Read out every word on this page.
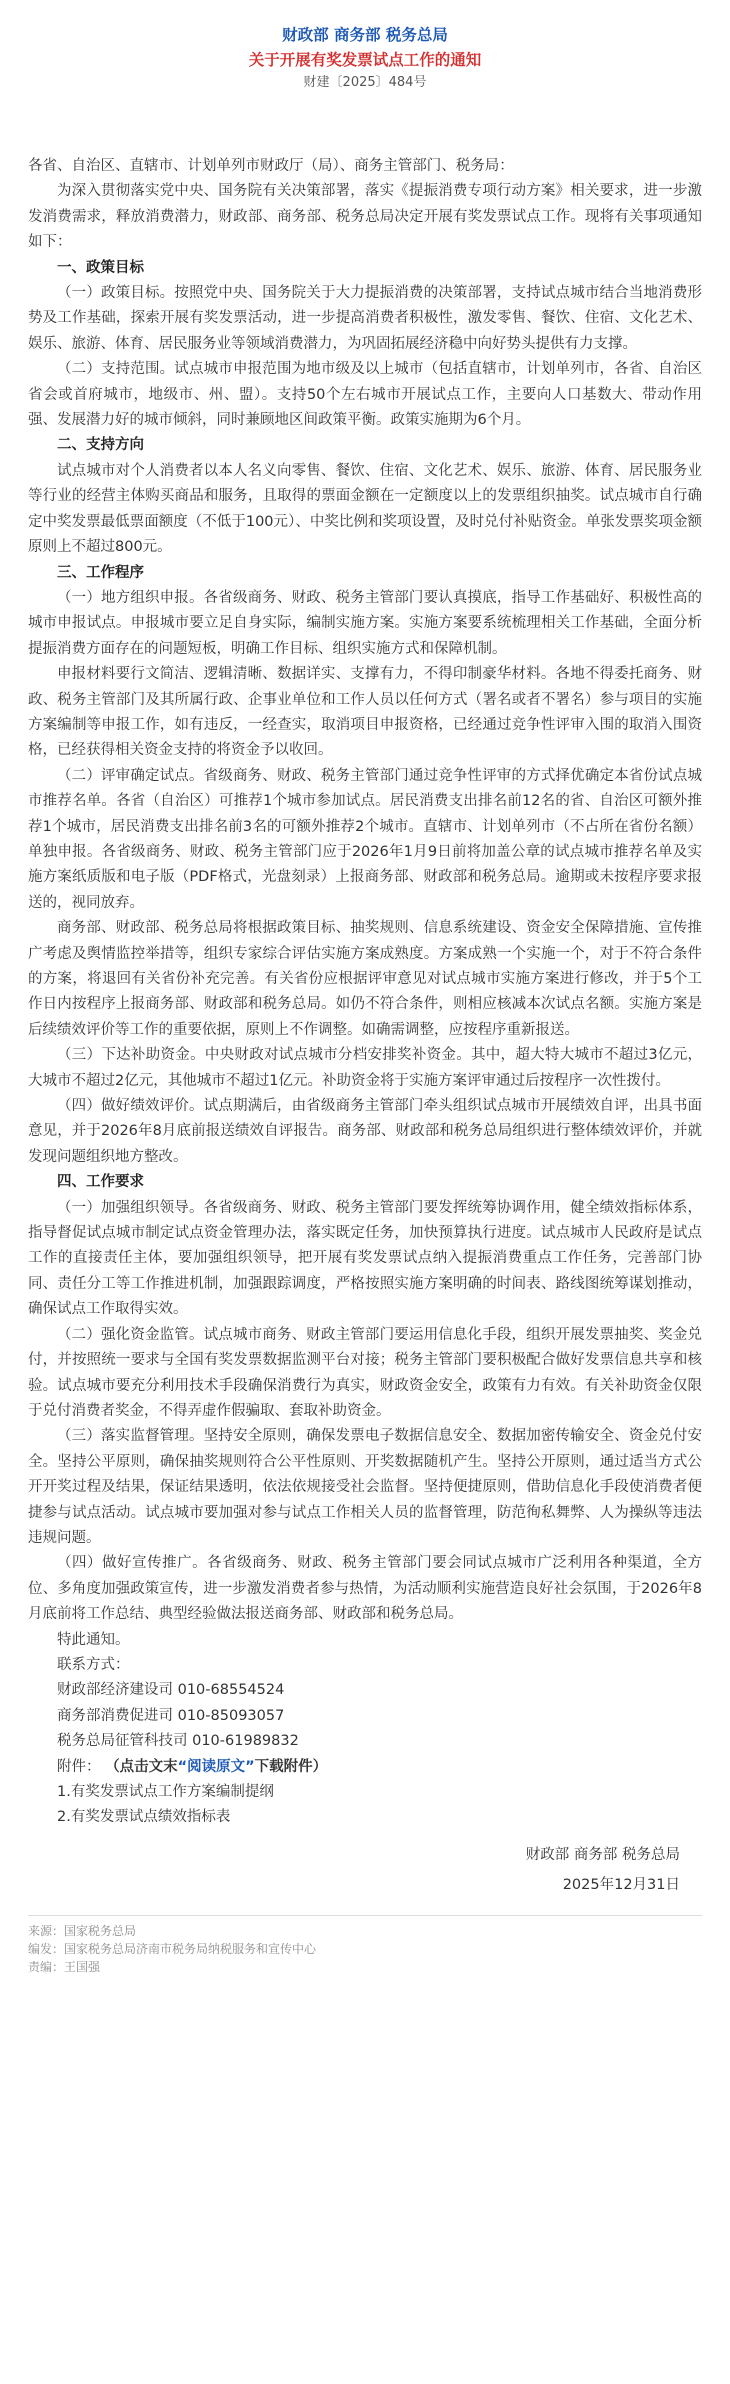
财政部 商务部 税务总局
关于开展有奖发票试点工作的通知
财建〔2025〕484号

各省、自治区、直辖市、计划单列市财政厅（局）、商务主管部门、税务局：

为深入贯彻落实党中央、国务院有关决策部署，落实《提振消费专项行动方案》相关要求，进一步激发消费需求，释放消费潜力，财政部、商务部、税务总局决定开展有奖发票试点工作。现将有关事项通知如下：

一、政策目标

（一）政策目标。按照党中央、国务院关于大力提振消费的决策部署，支持试点城市结合当地消费形势及工作基础，探索开展有奖发票活动，进一步提高消费者积极性，激发零售、餐饮、住宿、文化艺术、娱乐、旅游、体育、居民服务业等领域消费潜力，为巩固拓展经济稳中向好势头提供有力支撑。

（二）支持范围。试点城市申报范围为地市级及以上城市（包括直辖市，计划单列市，各省、自治区省会或首府城市，地级市、州、盟）。支持50个左右城市开展试点工作，主要向人口基数大、带动作用强、发展潜力好的城市倾斜，同时兼顾地区间政策平衡。政策实施期为6个月。

二、支持方向

试点城市对个人消费者以本人名义向零售、餐饮、住宿、文化艺术、娱乐、旅游、体育、居民服务业等行业的经营主体购买商品和服务，且取得的票面金额在一定额度以上的发票组织抽奖。试点城市自行确定中奖发票最低票面额度（不低于100元）、中奖比例和奖项设置，及时兑付补贴资金。单张发票奖项金额原则上不超过800元。

三、工作程序

（一）地方组织申报。各省级商务、财政、税务主管部门要认真摸底，指导工作基础好、积极性高的城市申报试点。申报城市要立足自身实际，编制实施方案。实施方案要系统梳理相关工作基础，全面分析提振消费方面存在的问题短板，明确工作目标、组织实施方式和保障机制。

申报材料要行文简洁、逻辑清晰、数据详实、支撑有力，不得印制豪华材料。各地不得委托商务、财政、税务主管部门及其所属行政、企事业单位和工作人员以任何方式（署名或者不署名）参与项目的实施方案编制等申报工作，如有违反，一经查实，取消项目申报资格，已经通过竞争性评审入围的取消入围资格，已经获得相关资金支持的将资金予以收回。

（二）评审确定试点。省级商务、财政、税务主管部门通过竞争性评审的方式择优确定本省份试点城市推荐名单。各省（自治区）可推荐1个城市参加试点。居民消费支出排名前12名的省、自治区可额外推荐1个城市，居民消费支出排名前3名的可额外推荐2个城市。直辖市、计划单列市（不占所在省份名额）单独申报。各省级商务、财政、税务主管部门应于2026年1月9日前将加盖公章的试点城市推荐名单及实施方案纸质版和电子版（PDF格式，光盘刻录）上报商务部、财政部和税务总局。逾期或未按程序要求报送的，视同放弃。

商务部、财政部、税务总局将根据政策目标、抽奖规则、信息系统建设、资金安全保障措施、宣传推广考虑及舆情监控举措等，组织专家综合评估实施方案成熟度。方案成熟一个实施一个，对于不符合条件的方案，将退回有关省份补充完善。有关省份应根据评审意见对试点城市实施方案进行修改，并于5个工作日内按程序上报商务部、财政部和税务总局。如仍不符合条件，则相应核减本次试点名额。实施方案是后续绩效评价等工作的重要依据，原则上不作调整。如确需调整，应按程序重新报送。

（三）下达补助资金。中央财政对试点城市分档安排奖补资金。其中，超大特大城市不超过3亿元，大城市不超过2亿元，其他城市不超过1亿元。补助资金将于实施方案评审通过后按程序一次性拨付。

（四）做好绩效评价。试点期满后，由省级商务主管部门牵头组织试点城市开展绩效自评，出具书面意见，并于2026年8月底前报送绩效自评报告。商务部、财政部和税务总局组织进行整体绩效评价，并就发现问题组织地方整改。

四、工作要求

（一）加强组织领导。各省级商务、财政、税务主管部门要发挥统筹协调作用，健全绩效指标体系，指导督促试点城市制定试点资金管理办法，落实既定任务，加快预算执行进度。试点城市人民政府是试点工作的直接责任主体，要加强组织领导，把开展有奖发票试点纳入提振消费重点工作任务，完善部门协同、责任分工等工作推进机制，加强跟踪调度，严格按照实施方案明确的时间表、路线图统筹谋划推动，确保试点工作取得实效。

（二）强化资金监管。试点城市商务、财政主管部门要运用信息化手段，组织开展发票抽奖、奖金兑付，并按照统一要求与全国有奖发票数据监测平台对接；税务主管部门要积极配合做好发票信息共享和核验。试点城市要充分利用技术手段确保消费行为真实，财政资金安全，政策有力有效。有关补助资金仅限于兑付消费者奖金，不得弄虚作假骗取、套取补助资金。

（三）落实监督管理。坚持安全原则，确保发票电子数据信息安全、数据加密传输安全、资金兑付安全。坚持公平原则，确保抽奖规则符合公平性原则、开奖数据随机产生。坚持公开原则，通过适当方式公开开奖过程及结果，保证结果透明，依法依规接受社会监督。坚持便捷原则，借助信息化手段使消费者便捷参与试点活动。试点城市要加强对参与试点工作相关人员的监督管理，防范徇私舞弊、人为操纵等违法违规问题。

（四）做好宣传推广。各省级商务、财政、税务主管部门要会同试点城市广泛利用各种渠道，全方位、多角度加强政策宣传，进一步激发消费者参与热情，为活动顺利实施营造良好社会氛围，于2026年8月底前将工作总结、典型经验做法报送商务部、财政部和税务总局。

特此通知。

联系方式：

财政部经济建设司 010-68554524

商务部消费促进司 010-85093057

税务总局征管科技司 010-61989832

附件： （点击文末“阅读原文”下载附件）

1.有奖发票试点工作方案编制提纲

2.有奖发票试点绩效指标表

财政部 商务部 税务总局
2025年12月31日
来源：国家税务总局
编发：国家税务总局济南市税务局纳税服务和宣传中心
责编：王国强
